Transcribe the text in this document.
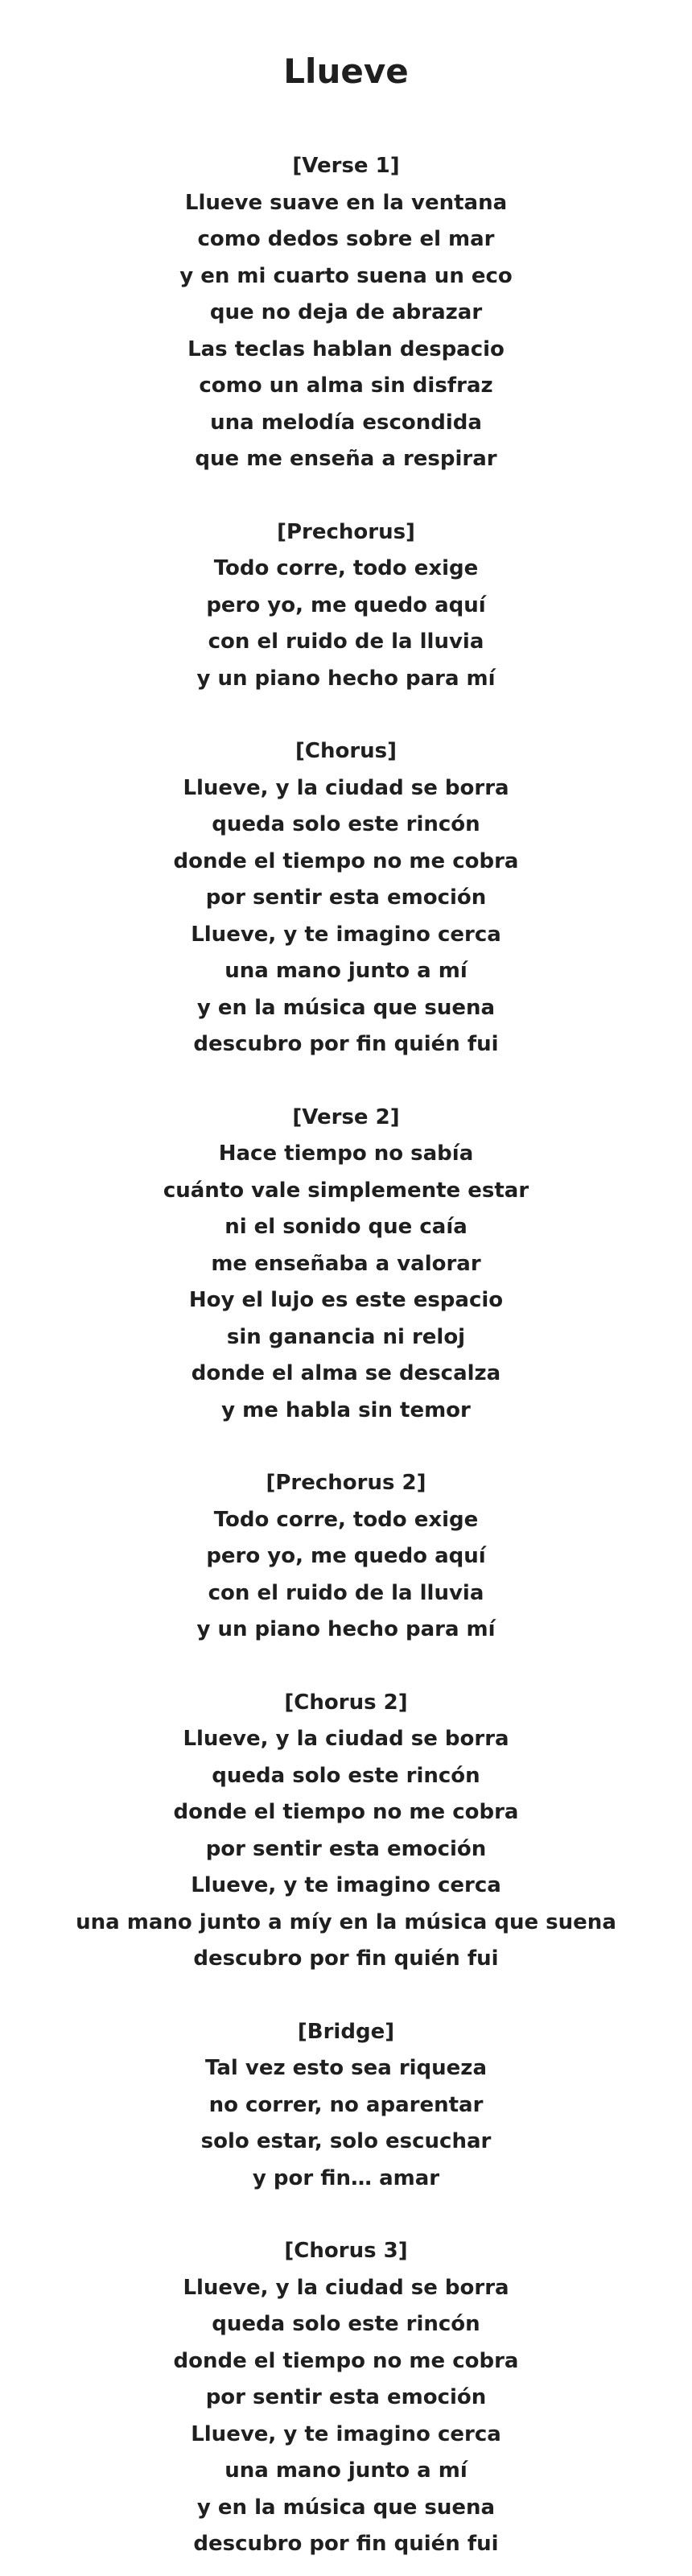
Llueve

[Verse 1]

Llueve suave en la ventana

como dedos sobre el mar

y en mi cuarto suena un eco

que no deja de abrazar

Las teclas hablan despacio

como un alma sin disfraz

una melodía escondida

que me enseña a respirar

[Prechorus]

Todo corre, todo exige

pero yo, me quedo aquí

con el ruido de la lluvia

y un piano hecho para mí

[Chorus]

Llueve, y la ciudad se borra

queda solo este rincón

donde el tiempo no me cobra

por sentir esta emoción

Llueve, y te imagino cerca

una mano junto a mí

y en la música que suena

descubro por fin quién fui

[Verse 2]

Hace tiempo no sabía

cuánto vale simplemente estar

ni el sonido que caía

me enseñaba a valorar

Hoy el lujo es este espacio

sin ganancia ni reloj

donde el alma se descalza

y me habla sin temor

[Prechorus 2]

Todo corre, todo exige

pero yo, me quedo aquí

con el ruido de la lluvia

y un piano hecho para mí

[Chorus 2]

Llueve, y la ciudad se borra

queda solo este rincón

donde el tiempo no me cobra

por sentir esta emoción

Llueve, y te imagino cerca

una mano junto a míy en la música que suena

descubro por fin quién fui

[Bridge]

Tal vez esto sea riqueza

no correr, no aparentar

solo estar, solo escuchar

y por fin… amar

[Chorus 3]

Llueve, y la ciudad se borra

queda solo este rincón

donde el tiempo no me cobra

por sentir esta emoción

Llueve, y te imagino cerca

una mano junto a mí

y en la música que suena

descubro por fin quién fui
